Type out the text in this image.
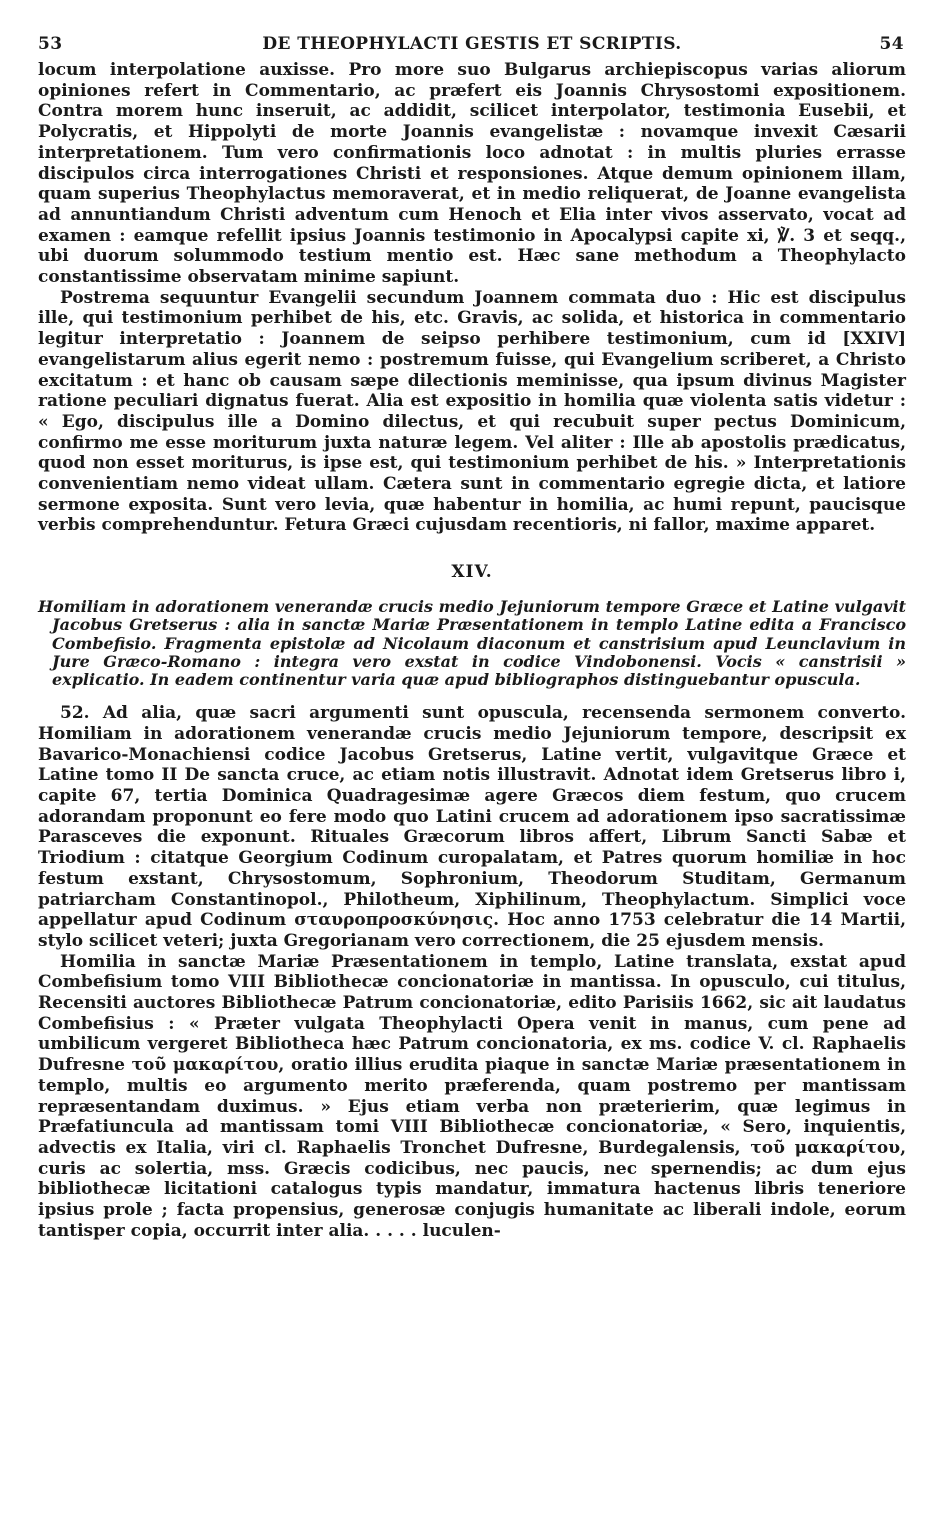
53	DE THEOPHYLACTI GESTIS ET SCRIPTIS.	54

locum interpolatione auxisse. Pro more suo Bulgarus archiepiscopus varias aliorum opiniones refert in Commentario, ac præfert eis Joannis Chrysostomi expositionem. Contra morem hunc inseruit, ac addidit, scilicet interpolator, testimonia Eusebii, et Polycratis, et Hippolyti de morte Joannis evangelistæ : novamque invexit Cæsarii interpretationem. Tum vero confirmationis loco adnotat : in multis pluries errasse discipulos circa interrogationes Christi et responsiones. Atque demum opinionem illam, quam superius Theophylactus memoraverat, et in medio reliquerat, de Joanne evangelista ad annuntiandum Christi adventum cum Henoch et Elia inter vivos asservato, vocat ad examen : eamque refellit ipsius Joannis testimonio in Apocalypsi capite xi, ℣. 3 et seqq., ubi duorum solummodo testium mentio est. Hæc sane methodum a Theophylacto constantissime observatam minime sapiunt.

Postrema sequuntur Evangelii secundum Joannem commata duo : Hic est discipulus ille, qui testimonium perhibet de his, etc. Gravis, ac solida, et historica in commentario legitur interpretatio : Joannem de seipso perhibere testimonium, cum id [XXIV] evangelistarum alius egerit nemo : postremum fuisse, qui Evangelium scriberet, a Christo excitatum : et hanc ob causam sæpe dilectionis meminisse, qua ipsum divinus Magister ratione peculiari dignatus fuerat. Alia est expositio in homilia quæ violenta satis videtur : « Ego, discipulus ille a Domino dilectus, et qui recubuit super pectus Dominicum, confirmo me esse moriturum juxta naturæ legem. Vel aliter : Ille ab apostolis prædicatus, quod non esset moriturus, is ipse est, qui testimonium perhibet de his. » Interpretationis convenientiam nemo videat ullam. Cætera sunt in commentario egregie dicta, et latiore sermone exposita. Sunt vero levia, quæ habentur in homilia, ac humi repunt, paucisque verbis comprehenduntur. Fetura Græci cujusdam recentioris, ni fallor, maxime apparet.

XIV.

Homiliam in adorationem venerandæ crucis medio Jejuniorum tempore Græce et Latine vulgavit Jacobus Gretserus : alia in sanctæ Mariæ Præsentationem in templo Latine edita a Francisco Combefisio. Fragmenta epistolæ ad Nicolaum diaconum et canstrisium apud Leunclavium in Jure Græco-Romano : integra vero exstat in codice Vindobonensi. Vocis « canstrisii » explicatio. In eadem continentur varia quæ apud bibliographos distinguebantur opuscula.

52. Ad alia, quæ sacri argumenti sunt opuscula, recensenda sermonem converto. Homiliam in adorationem venerandæ crucis medio Jejuniorum tempore, descripsit ex Bavarico-Monachiensi codice Jacobus Gretserus, Latine vertit, vulgavitque Græce et Latine tomo II De sancta cruce, ac etiam notis illustravit. Adnotat idem Gretserus libro i, capite 67, tertia Dominica Quadragesimæ agere Græcos diem festum, quo crucem adorandam proponunt eo fere modo quo Latini crucem ad adorationem ipso sacratissimæ Parasceves die exponunt. Rituales Græcorum libros affert, Librum Sancti Sabæ et Triodium : citatque Georgium Codinum curopalatam, et Patres quorum homiliæ in hoc festum exstant, Chrysostomum, Sophronium, Theodorum Studitam, Germanum patriarcham Constantinopol., Philotheum, Xiphilinum, Theophylactum. Simplici voce appellatur apud Codinum σταυροπροσκύνησις. Hoc anno 1753 celebratur die 14 Martii, stylo scilicet veteri; juxta Gregorianam vero correctionem, die 25 ejusdem mensis.

Homilia in sanctæ Mariæ Præsentationem in templo, Latine translata, exstat apud Combefisium tomo VIII Bibliothecæ concionatoriæ in mantissa. In opusculo, cui titulus, Recensiti auctores Bibliothecæ Patrum concionatoriæ, edito Parisiis 1662, sic ait laudatus Combefisius : « Præter vulgata Theophylacti Opera venit in manus, cum pene ad umbilicum vergeret Bibliotheca hæc Patrum concionatoria, ex ms. codice V. cl. Raphaelis Dufresne τοῦ μακαρίτου, oratio illius erudita piaque in sanctæ Mariæ præsentationem in templo, multis eo argumento merito præferenda, quam postremo per mantissam repræsentandam duximus. » Ejus etiam verba non præterierim, quæ legimus in Præfatiuncula ad mantissam tomi VIII Bibliothecæ concionatoriæ, « Sero, inquientis, advectis ex Italia, viri cl. Raphaelis Tronchet Dufresne, Burdegalensis, τοῦ μακαρίτου, curis ac solertia, mss. Græcis codicibus, nec paucis, nec spernendis; ac dum ejus bibliothecæ licitationi catalogus typis mandatur, immatura hactenus libris teneriore ipsius prole ; facta propensius, generosæ conjugis humanitate ac liberali indole, eorum tantisper copia, occurrit inter alia. . . . . luculen-
